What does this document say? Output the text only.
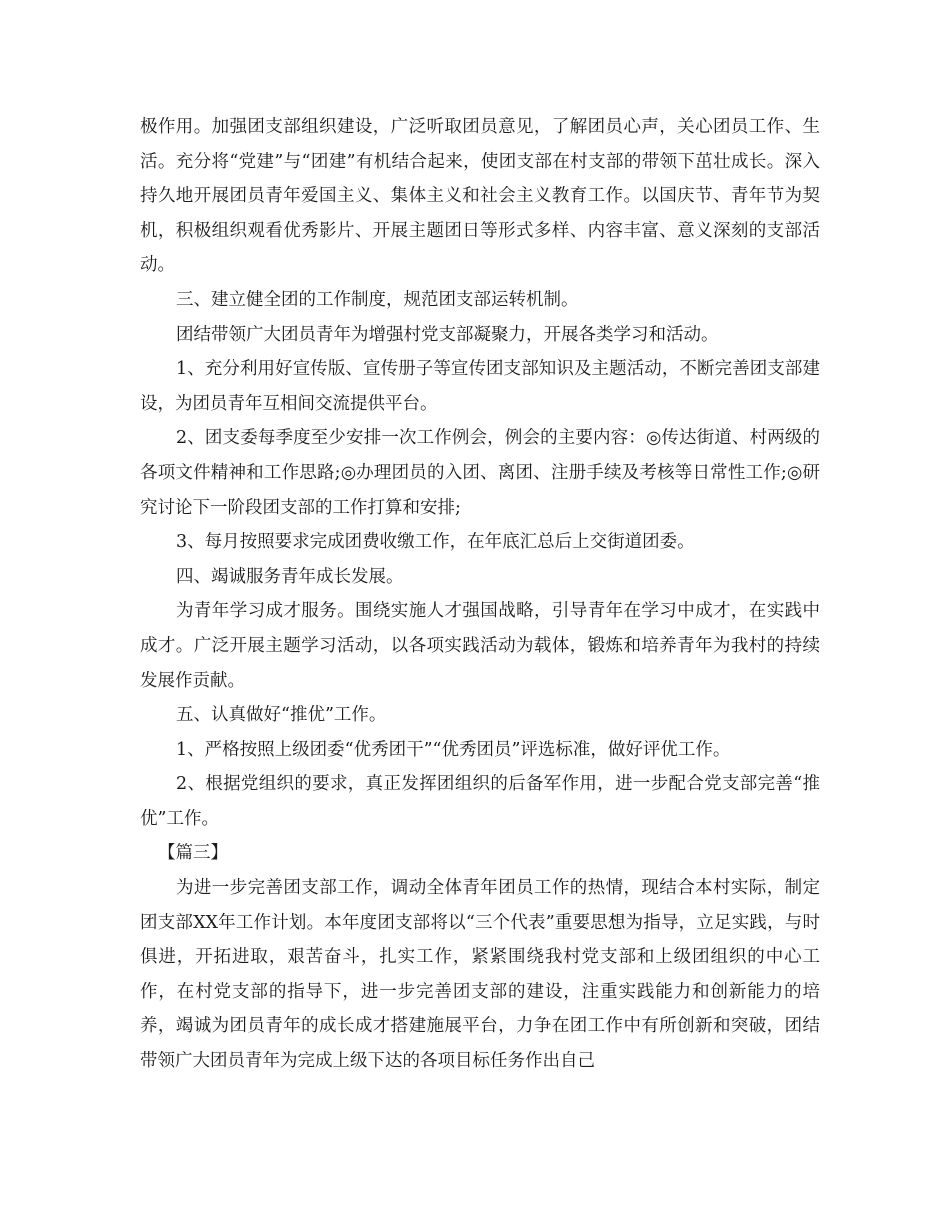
极作用。加强团支部组织建设，广泛听取团员意见，了解团员心声，关心团员工作、生活。充分将“党建”与“团建”有机结合起来，使团支部在村支部的带领下茁壮成长。深入持久地开展团员青年爱国主义、集体主义和社会主义教育工作。以国庆节、青年节为契机，积极组织观看优秀影片、开展主题团日等形式多样、内容丰富、意义深刻的支部活动。

三、建立健全团的工作制度，规范团支部运转机制。

团结带领广大团员青年为增强村党支部凝聚力，开展各类学习和活动。

1、充分利用好宣传版、宣传册子等宣传团支部知识及主题活动，不断完善团支部建设，为团员青年互相间交流提供平台。

2、团支委每季度至少安排一次工作例会，例会的主要内容：◎传达街道、村两级的各项文件精神和工作思路;◎办理团员的入团、离团、注册手续及考核等日常性工作;◎研究讨论下一阶段团支部的工作打算和安排;

3、每月按照要求完成团费收缴工作，在年底汇总后上交街道团委。

四、竭诚服务青年成长发展。

为青年学习成才服务。围绕实施人才强国战略，引导青年在学习中成才，在实践中成才。广泛开展主题学习活动，以各项实践活动为载体，锻炼和培养青年为我村的持续发展作贡献。

五、认真做好“推优”工作。

1、严格按照上级团委“优秀团干”“优秀团员”评选标准，做好评优工作。

2、根据党组织的要求，真正发挥团组织的后备军作用，进一步配合党支部完善“推优”工作。

【篇三】

为进一步完善团支部工作，调动全体青年团员工作的热情，现结合本村实际，制定团支部XX年工作计划。本年度团支部将以“三个代表”重要思想为指导，立足实践，与时俱进，开拓进取，艰苦奋斗，扎实工作，紧紧围绕我村党支部和上级团组织的中心工作，在村党支部的指导下，进一步完善团支部的建设，注重实践能力和创新能力的培养，竭诚为团员青年的成长成才搭建施展平台，力争在团工作中有所创新和突破，团结带领广大团员青年为完成上级下达的各项目标任务作出自己
